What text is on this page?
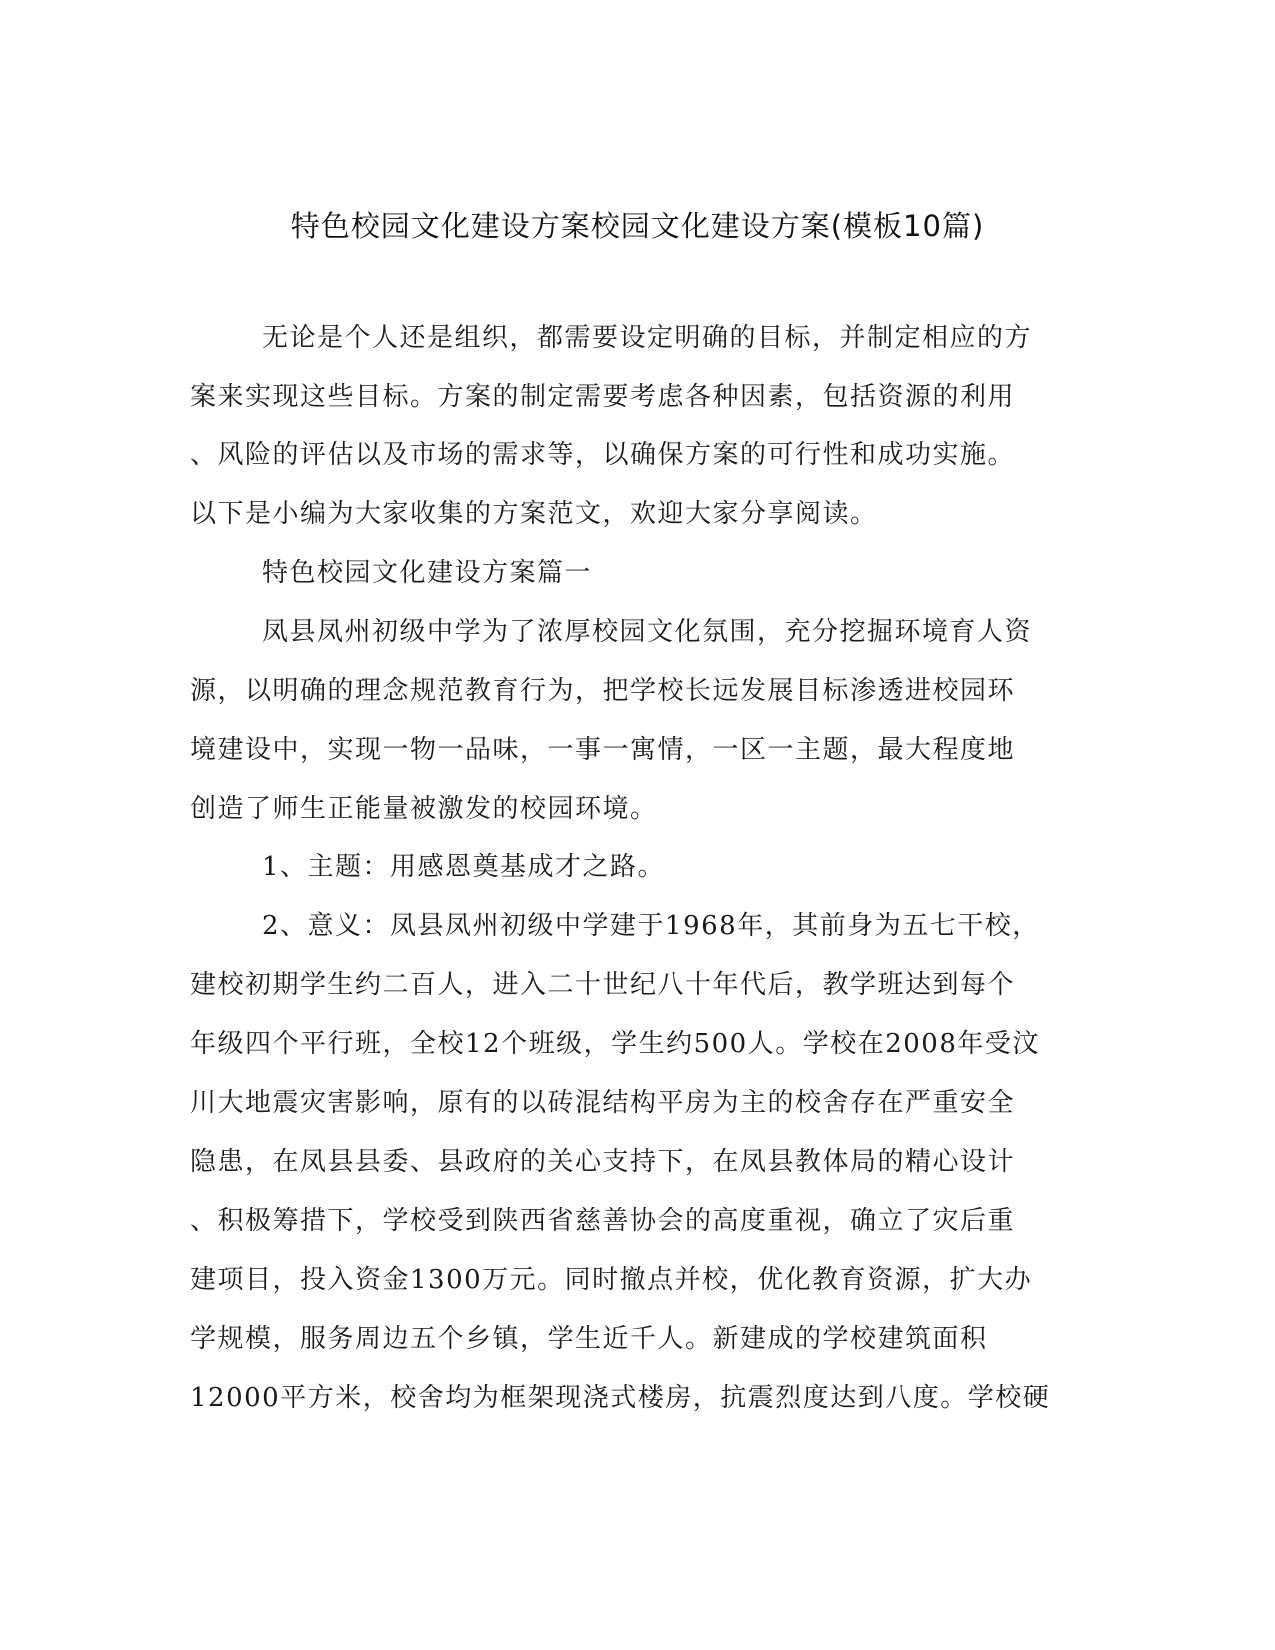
特色校园文化建设方案校园文化建设方案(模板10篇)
无论是个人还是组织，都需要设定明确的目标，并制定相应的方
案来实现这些目标。方案的制定需要考虑各种因素，包括资源的利用
、风险的评估以及市场的需求等，以确保方案的可行性和成功实施。
以下是小编为大家收集的方案范文，欢迎大家分享阅读。
特色校园文化建设方案篇一
凤县凤州初级中学为了浓厚校园文化氛围，充分挖掘环境育人资
源，以明确的理念规范教育行为，把学校长远发展目标渗透进校园环
境建设中，实现一物一品味，一事一寓情，一区一主题，最大程度地
创造了师生正能量被激发的校园环境。
1、主题：用感恩奠基成才之路。
2、意义：凤县凤州初级中学建于1968年，其前身为五七干校，
建校初期学生约二百人，进入二十世纪八十年代后，教学班达到每个
年级四个平行班，全校12个班级，学生约500人。学校在2008年受汶
川大地震灾害影响，原有的以砖混结构平房为主的校舍存在严重安全
隐患，在凤县县委、县政府的关心支持下，在凤县教体局的精心设计
、积极筹措下，学校受到陕西省慈善协会的高度重视，确立了灾后重
建项目，投入资金1300万元。同时撤点并校，优化教育资源，扩大办
学规模，服务周边五个乡镇，学生近千人。新建成的学校建筑面积
12000平方米，校舍均为框架现浇式楼房，抗震烈度达到八度。学校硬
